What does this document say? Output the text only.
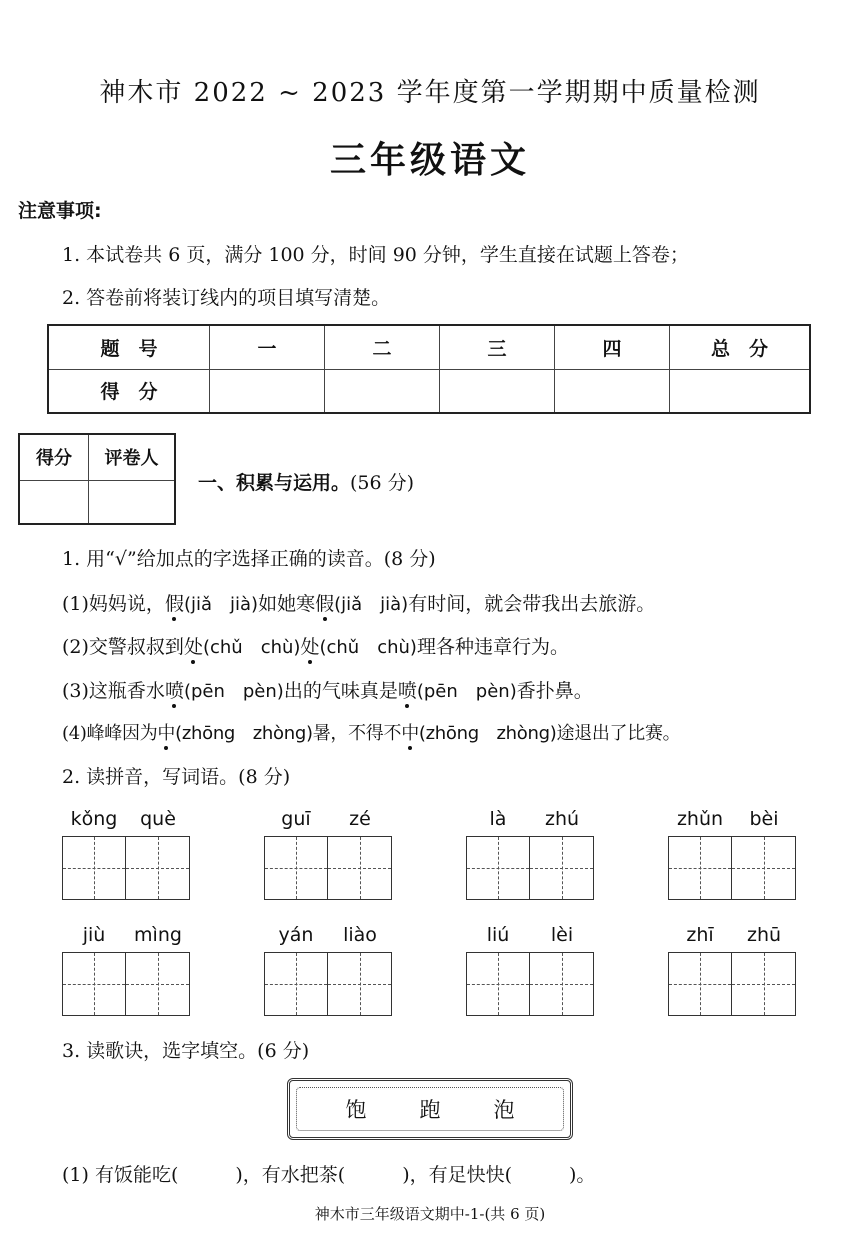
神木市 2022 ~ 2023 学年度第一学期期中质量检测
三年级语文
注意事项:
1. 本试卷共 6 页，满分 100 分，时间 90 分钟，学生直接在试题上答卷；
2. 答卷前将装订线内的项目填写清楚。
题　号	一	二	三	四	总　分
得　分					
得分	评卷人

一、积累与运用。(56 分)
1. 用“√”给加点的字选择正确的读音。(8 分)
(1)妈妈说，假(jiǎ　jià)如她寒假(jiǎ　jià)有时间，就会带我出去旅游。
(2)交警叔叔到处(chǔ　chù)处(chǔ　chù)理各种违章行为。
(3)这瓶香水喷(pēn　pèn)出的气味真是喷(pēn　pèn)香扑鼻。
(4)峰峰因为中(zhōng　zhòng)暑，不得不中(zhōng　zhòng)途退出了比赛。
2. 读拼音，写词语。(8 分)
kǒng	què	guī	zé	là	zhú	zhǔn	bèi
jiù	mìng	yán	liào	liú	lèi	zhī	zhū
3. 读歌诀，选字填空。(6 分)
饱	跑	泡
(1) 有饭能吃(　　　)，有水把茶(　　　)，有足快快(　　　)。
神木市三年级语文期中-1-(共 6 页)
